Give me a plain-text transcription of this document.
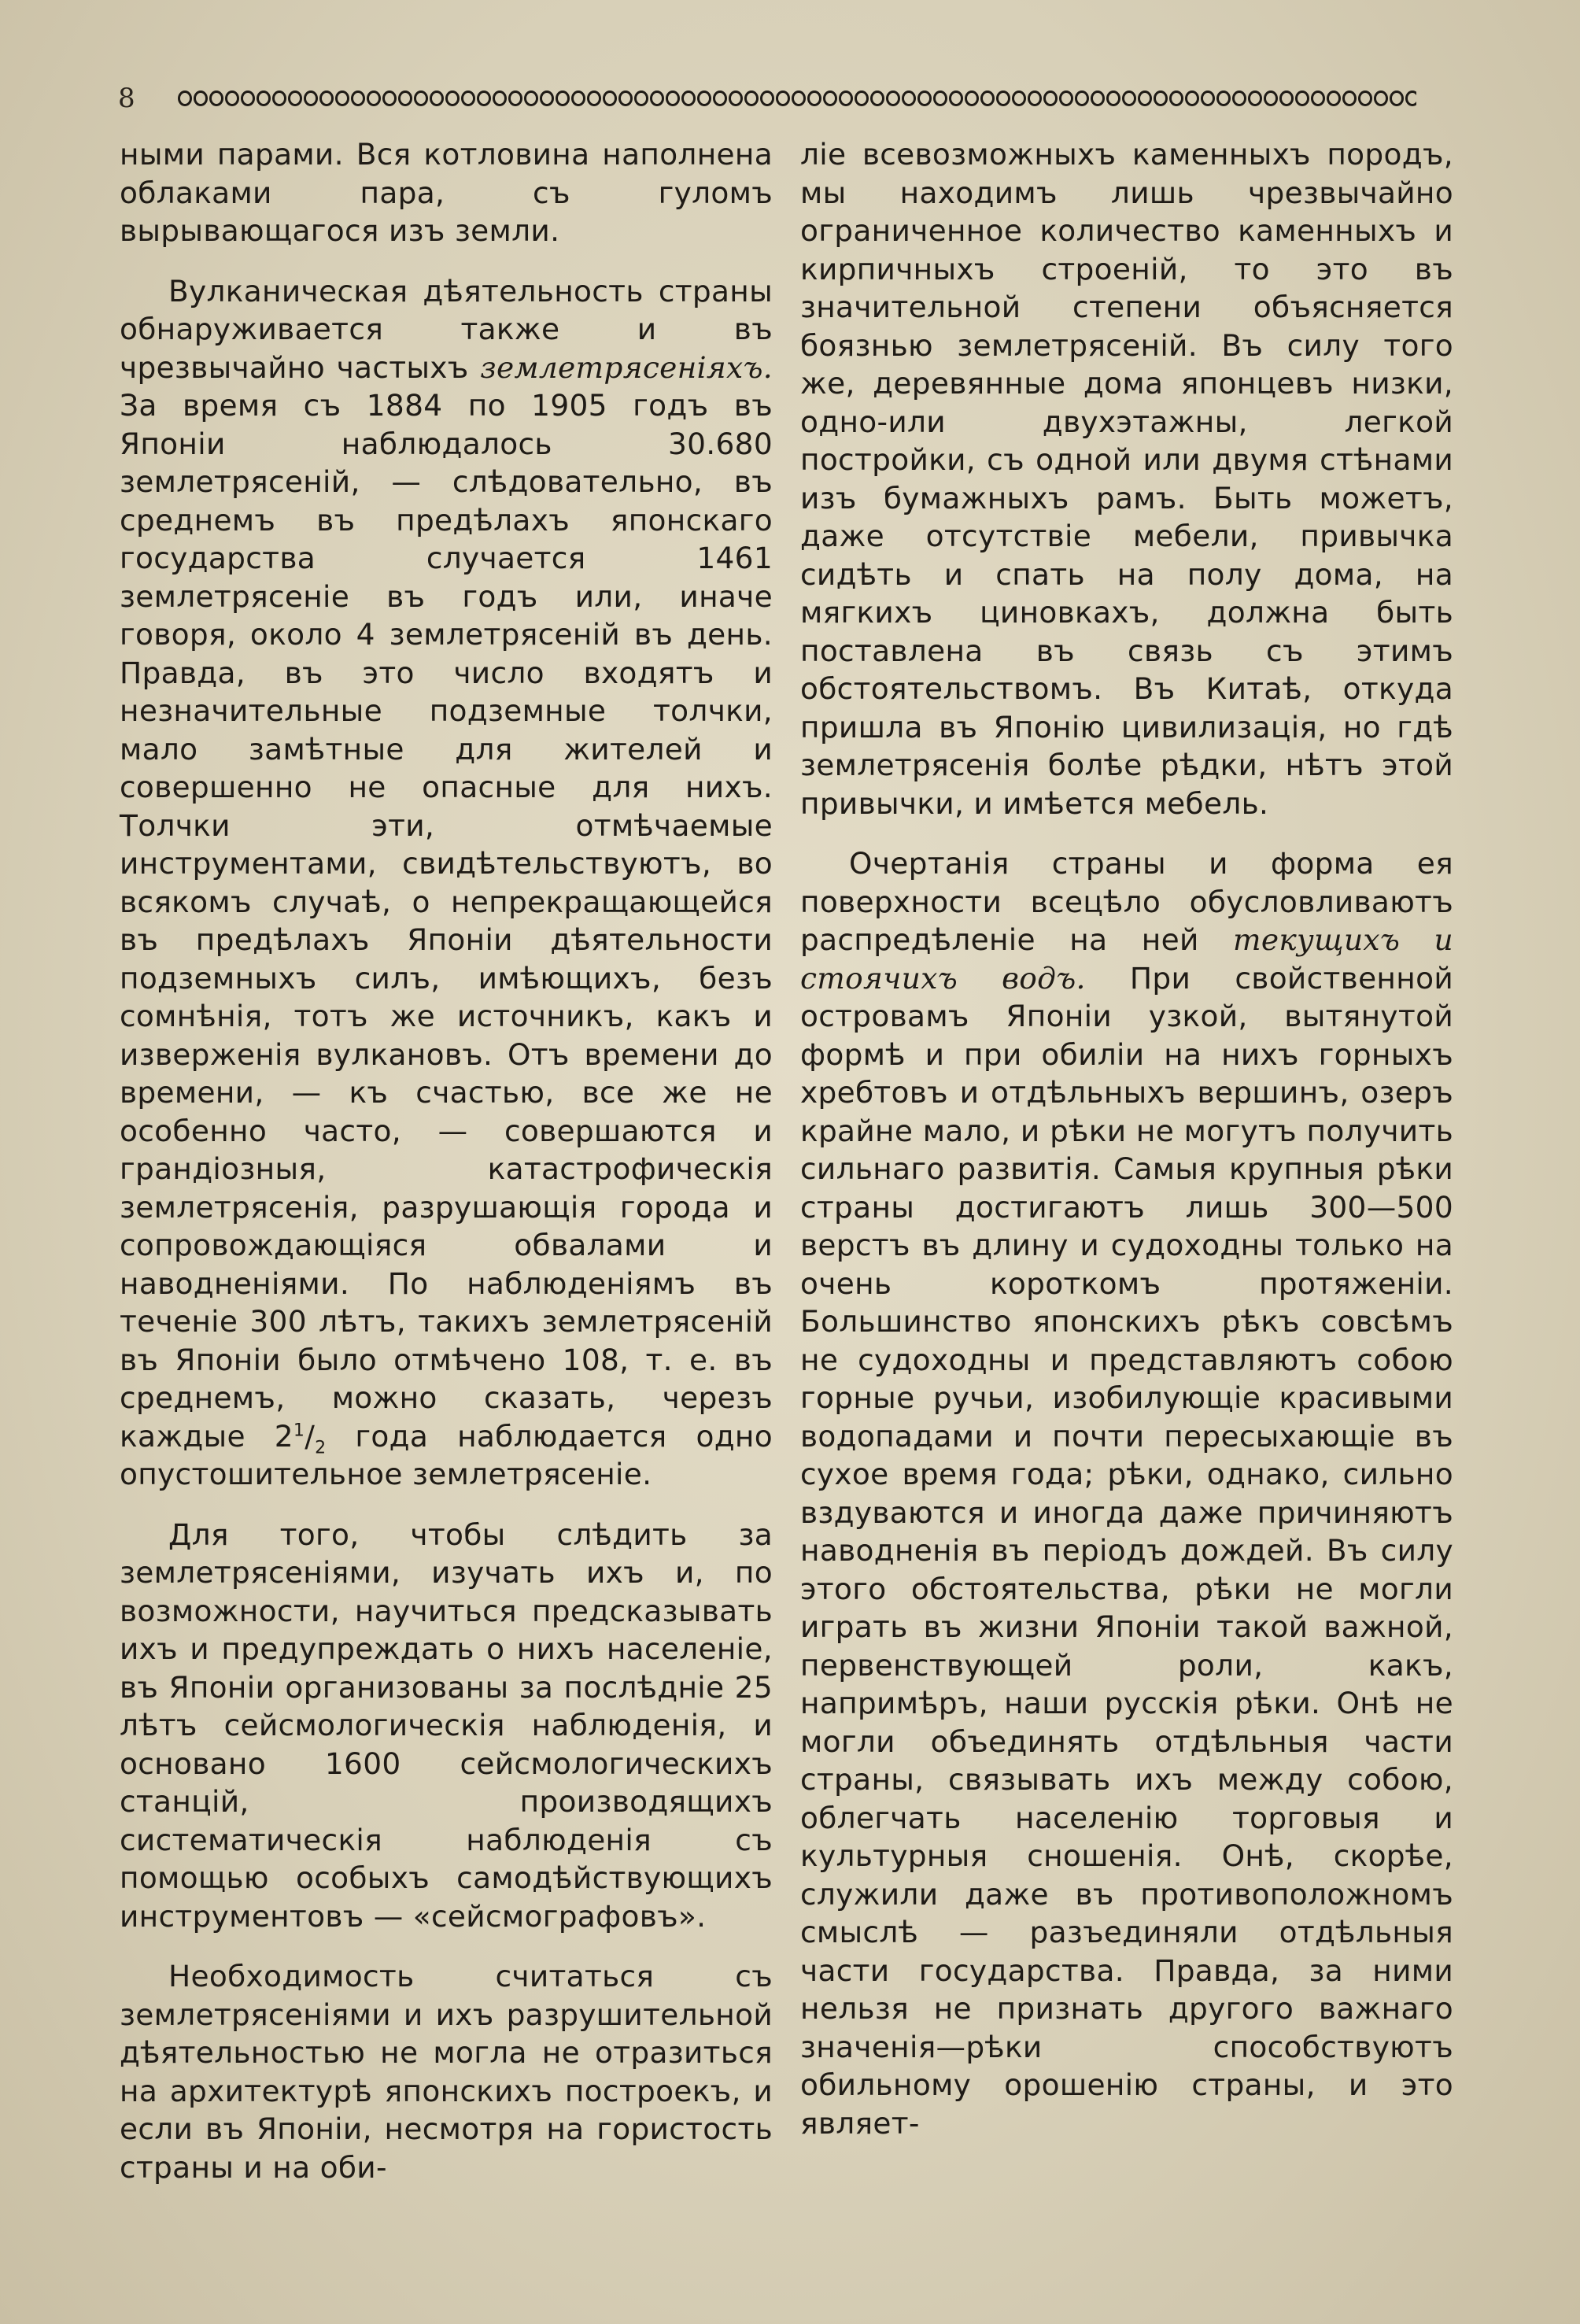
8

ными парами. Вся котловина наполнена облаками пара, съ гуломъ вырывающагося изъ земли.

Вулканическая дѣятельность страны обнаруживается также и въ чрезвычайно частыхъ землетрясеніяхъ. За время съ 1884 по 1905 годъ въ Японіи наблюдалось 30.680 землетрясеній, — слѣдовательно, въ среднемъ въ предѣлахъ японскаго государства случается 1461 землетрясеніе въ годъ или, иначе говоря, около 4 землетрясеній въ день. Правда, въ это число входятъ и незначительные подземные толчки, мало замѣтные для жителей и совершенно не опасные для нихъ. Толчки эти, отмѣчаемые инструментами, свидѣтельствуютъ, во всякомъ случаѣ, о непрекращающейся въ предѣлахъ Японіи дѣятельности подземныхъ силъ, имѣющихъ, безъ сомнѣнія, тотъ же источникъ, какъ и изверженія вулкановъ. Отъ времени до времени, — къ счастью, все же не особенно часто, — совершаются и грандіозныя, катастрофическія землетрясенія, разрушающія города и сопровождающіяся обвалами и наводненіями. По наблюденіямъ въ теченіе 300 лѣтъ, такихъ землетрясеній въ Японіи было отмѣчено 108, т. е. въ среднемъ, можно сказать, черезъ каждые $2^1/_2$ года наблюдается одно опустошительное землетрясеніе.

Для того, чтобы слѣдить за землетрясеніями, изучать ихъ и, по возможности, научиться предсказывать ихъ и предупреждать о нихъ населеніе, въ Японіи организованы за послѣдніе 25 лѣтъ сейсмологическія наблюденія, и основано 1600 сейсмологическихъ станцій, производящихъ систематическія наблюденія съ помощью особыхъ самодѣйствующихъ инструментовъ — «сейсмографовъ».

Необходимость считаться съ землетрясеніями и ихъ разрушительной дѣятельностью не могла не отразиться на архитектурѣ японскихъ построекъ, и если въ Японіи, несмотря на гористость страны и на оби-

ліе всевозможныхъ каменныхъ породъ, мы находимъ лишь чрезвычайно ограниченное количество каменныхъ и кирпичныхъ строеній, то это въ значительной степени объясняется боязнью землетрясеній. Въ силу того же, деревянные дома японцевъ низки, одно-или двухэтажны, легкой постройки, съ одной или двумя стѣнами изъ бумажныхъ рамъ. Быть можетъ, даже отсутствіе мебели, привычка сидѣть и спать на полу дома, на мягкихъ циновкахъ, должна быть поставлена въ связь съ этимъ обстоятельствомъ. Въ Китаѣ, откуда пришла въ Японію цивилизація, но гдѣ землетрясенія болѣе рѣдки, нѣтъ этой привычки, и имѣется мебель.

Очертанія страны и форма ея поверхности всецѣло обусловливаютъ распредѣленіе на ней текущихъ и стоячихъ водъ. При свойственной островамъ Японіи узкой, вытянутой формѣ и при обиліи на нихъ горныхъ хребтовъ и отдѣльныхъ вершинъ, озеръ крайне мало, и рѣки не могутъ получить сильнаго развитія. Самыя крупныя рѣки страны достигаютъ лишь 300—500 верстъ въ длину и судоходны только на очень короткомъ протяженіи. Большинство японскихъ рѣкъ совсѣмъ не судоходны и представляютъ собою горные ручьи, изобилующіе красивыми водопадами и почти пересыхающіе въ сухое время года; рѣки, однако, сильно вздуваются и иногда даже причиняютъ наводненія въ періодъ дождей. Въ силу этого обстоятельства, рѣки не могли играть въ жизни Японіи такой важной, первенствующей роли, какъ, напримѣръ, наши русскія рѣки. Онѣ не могли объединять отдѣльныя части страны, связывать ихъ между собою, облегчать населенію торговыя и культурныя сношенія. Онѣ, скорѣе, служили даже въ противоположномъ смыслѣ — разъединяли отдѣльныя части государства. Правда, за ними нельзя не признать другого важнаго значенія—рѣки способствуютъ обильному орошенію страны, и это являет-
